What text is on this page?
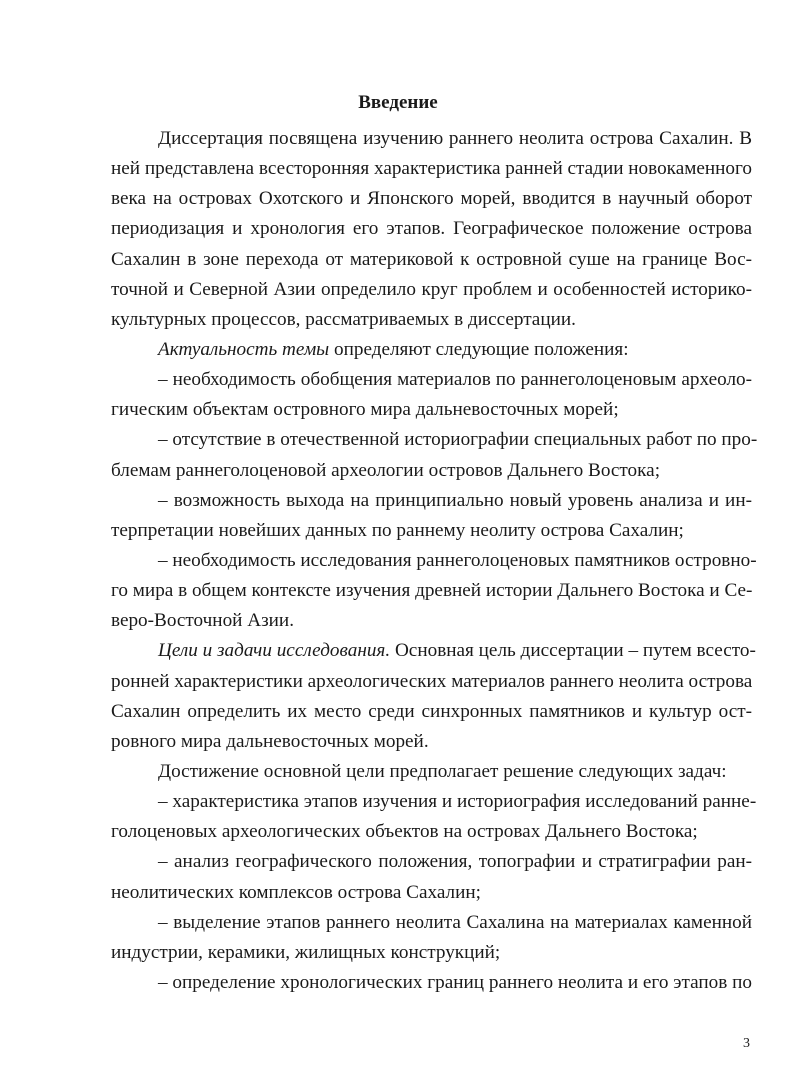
Введение
Диссертация посвящена изучению раннего неолита острова Сахалин. В
ней представлена всесторонняя характеристика ранней стадии новокаменного
века на островах Охотского и Японского морей, вводится в научный оборот
периодизация и хронология его этапов. Географическое положение острова
Сахалин в зоне перехода от материковой к островной суше на границе Вос-
точной и Северной Азии определило круг проблем и особенностей историко-
культурных процессов, рассматриваемых в диссертации.
Актуальность темы определяют следующие положения:
– необходимость обобщения материалов по раннеголоценовым археоло-
гическим объектам островного мира дальневосточных морей;
– отсутствие в отечественной историографии специальных работ по про-
блемам раннеголоценовой археологии островов Дальнего Востока;
– возможность выхода на принципиально новый уровень анализа и ин-
терпретации новейших данных по раннему неолиту острова Сахалин;
– необходимость исследования раннеголоценовых памятников островно-
го мира в общем контексте изучения древней истории Дальнего Востока и Се-
веро-Восточной Азии.
Цели и задачи исследования. Основная цель диссертации – путем всесто-
ронней характеристики археологических материалов раннего неолита острова
Сахалин определить их место среди синхронных памятников и культур ост-
ровного мира дальневосточных морей.
Достижение основной цели предполагает решение следующих задач:
– характеристика этапов изучения и историография исследований ранне-
голоценовых археологических объектов на островах Дальнего Востока;
– анализ географического положения, топографии и стратиграфии ран-
неолитических комплексов острова Сахалин;
– выделение этапов раннего неолита Сахалина на материалах каменной
индустрии, керамики, жилищных конструкций;
– определение хронологических границ раннего неолита и его этапов по
3
